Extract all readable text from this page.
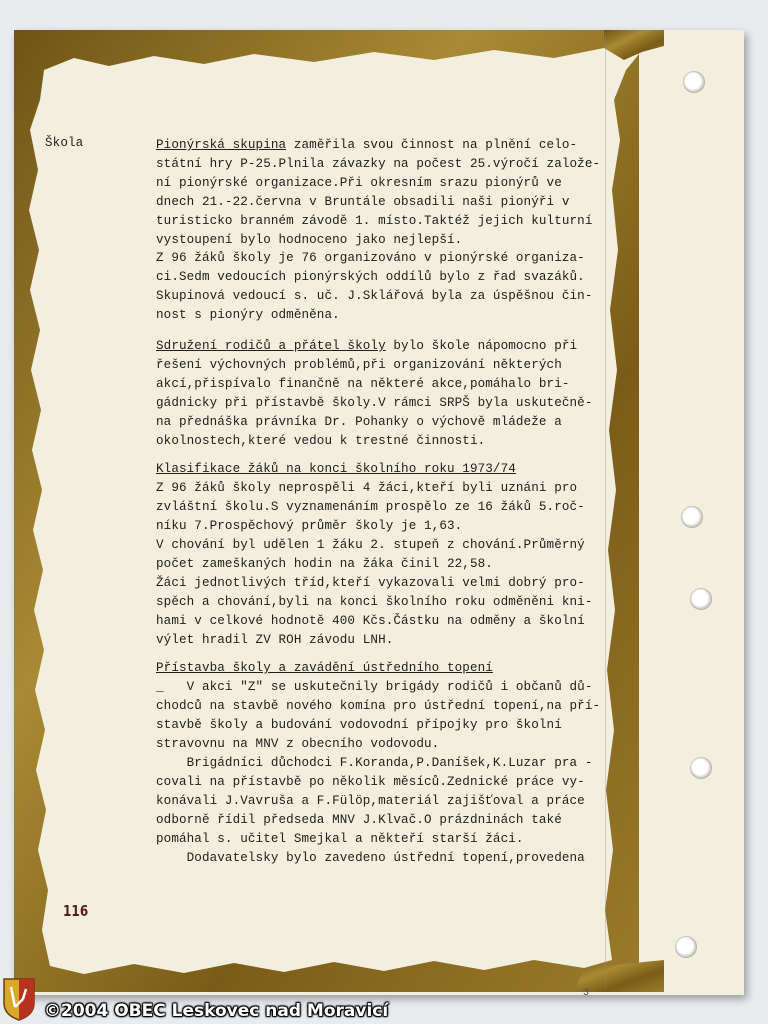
Škola	Pionýrská skupina zaměřila svou činnost na plnění celo-
státní hry P-25.Plnila závazky na počest 25.výročí založe-
ní pionýrské organizace.Při okresním srazu pionýrů ve
dnech 21.-22.června v Bruntále obsadili naši pionýři v
turisticko branném závodě 1. místo.Taktéž jejich kulturní
vystoupení bylo hodnoceno jako nejlepší.
Z 96 žáků školy je 76 organizováno v pionýrské organiza-
ci.Sedm vedoucích pionýrských oddílů bylo z řad svazáků.
Skupinová vedoucí s. uč. J.Sklářová byla za úspěšnou čin-
nost s pionýry odměněna.
Sdružení rodičů a přátel školy bylo škole nápomocno při
řešení výchovných problémů,při organizování některých
akcí,přispívalo finančně na některé akce,pomáhalo bri-
gádnicky při přístavbě školy.V rámci SRPŠ byla uskutečně-
na přednáška právníka Dr. Pohanky o výchově mládeže a
okolnostech,které vedou k trestné činnosti.
Klasifikace žáků na konci školního roku 1973/74
Z 96 žáků školy neprospěli 4 žáci,kteří byli uznáni pro
zvláštní školu.S vyznamenáním prospělo ze 16 žáků 5.roč-
níku 7.Prospěchový průměr školy je 1,63.
V chování byl udělen 1 žáku 2. stupeň z chování.Průměrný
počet zameškaných hodin na žáka činil 22,58.
Žáci jednotlivých tříd,kteří vykazovali velmi dobrý pro-
spěch a chování,byli na konci školního roku odměněni kni-
hami v celkové hodnotě 400 Kčs.Částku na odměny a školní
výlet hradil ZV ROH závodu LNH.
Přístavba školy a zavádění ústředního topení
_   V akci "Z" se uskutečnily brigády rodičů i občanů dů-
chodců na stavbě nového komína pro ústřední topení,na pří-
stavbě školy a budování vodovodní přípojky pro školní
stravovnu na MNV z obecního vodovodu.
Brigádníci důchodci F.Koranda,P.Daníšek,K.Luzar pra -
covali na přístavbě po několik měsíců.Zednické práce vy-
konávali J.Vavruša a F.Fülöp,materiál zajišťoval a práce
odborně řídil předseda MNV J.Klvač.O prázdninách také
pomáhal s. učitel Smejkal a někteří starší žáci.
Dodavatelsky bylo zavedeno ústřední topení,provedena
116
3
©2004 OBEC Leskovec nad Moravicí
